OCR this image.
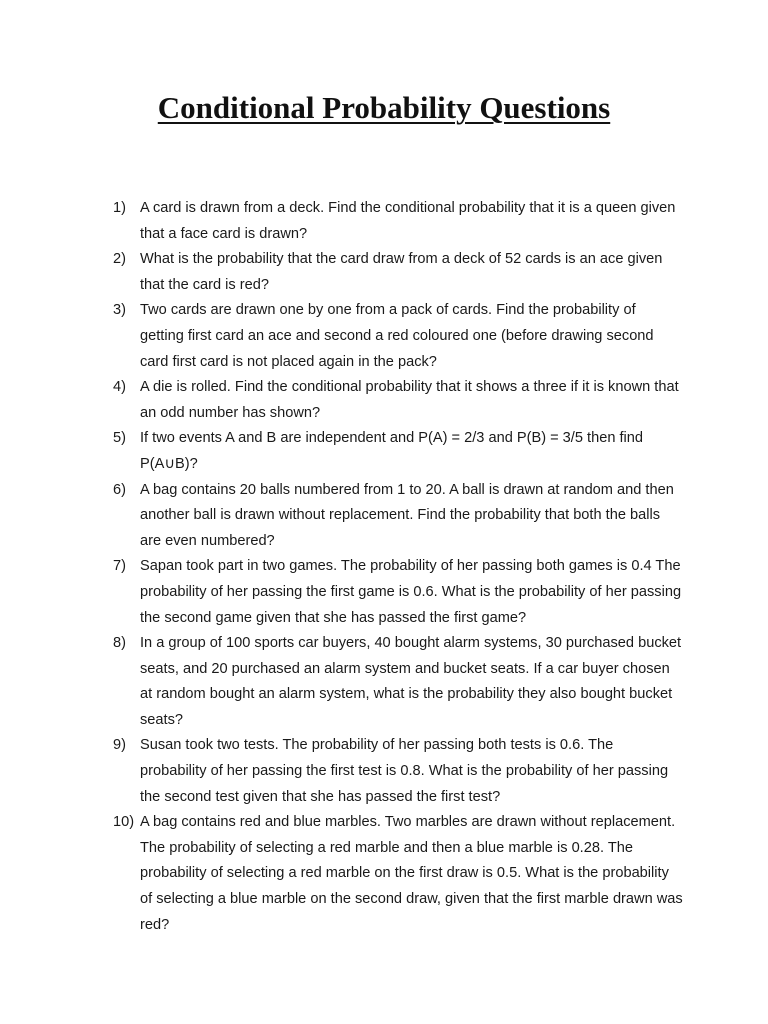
Conditional Probability Questions
1) A card is drawn from a deck. Find the conditional probability that it is a queen given that a face card is drawn?
2) What is the probability that the card draw from a deck of 52 cards is an ace given that the card is red?
3) Two cards are drawn one by one from a pack of cards. Find the probability of getting first card an ace and second a red coloured one (before drawing second card first card is not placed again in the pack?
4) A die is rolled. Find the conditional probability that it shows a three if it is known that an odd number has shown?
5) If two events A and B are independent and P(A) = 2/3 and P(B) = 3/5 then find P(A∪B)?
6) A bag contains 20 balls numbered from 1 to 20. A ball is drawn at random and then another ball is drawn without replacement. Find the probability that both the balls are even numbered?
7) Sapan took part in two games. The probability of her passing both games is 0.4 The probability of her passing the first game is 0.6. What is the probability of her passing the second game given that she has passed the first game?
8) In a group of 100 sports car buyers, 40 bought alarm systems, 30 purchased bucket seats, and 20 purchased an alarm system and bucket seats. If a car buyer chosen at random bought an alarm system, what is the probability they also bought bucket seats?
9) Susan took two tests. The probability of her passing both tests is 0.6. The probability of her passing the first test is 0.8. What is the probability of her passing the second test given that she has passed the first test?
10) A bag contains red and blue marbles. Two marbles are drawn without replacement. The probability of selecting a red marble and then a blue marble is 0.28. The probability of selecting a red marble on the first draw is 0.5. What is the probability of selecting a blue marble on the second draw, given that the first marble drawn was red?
